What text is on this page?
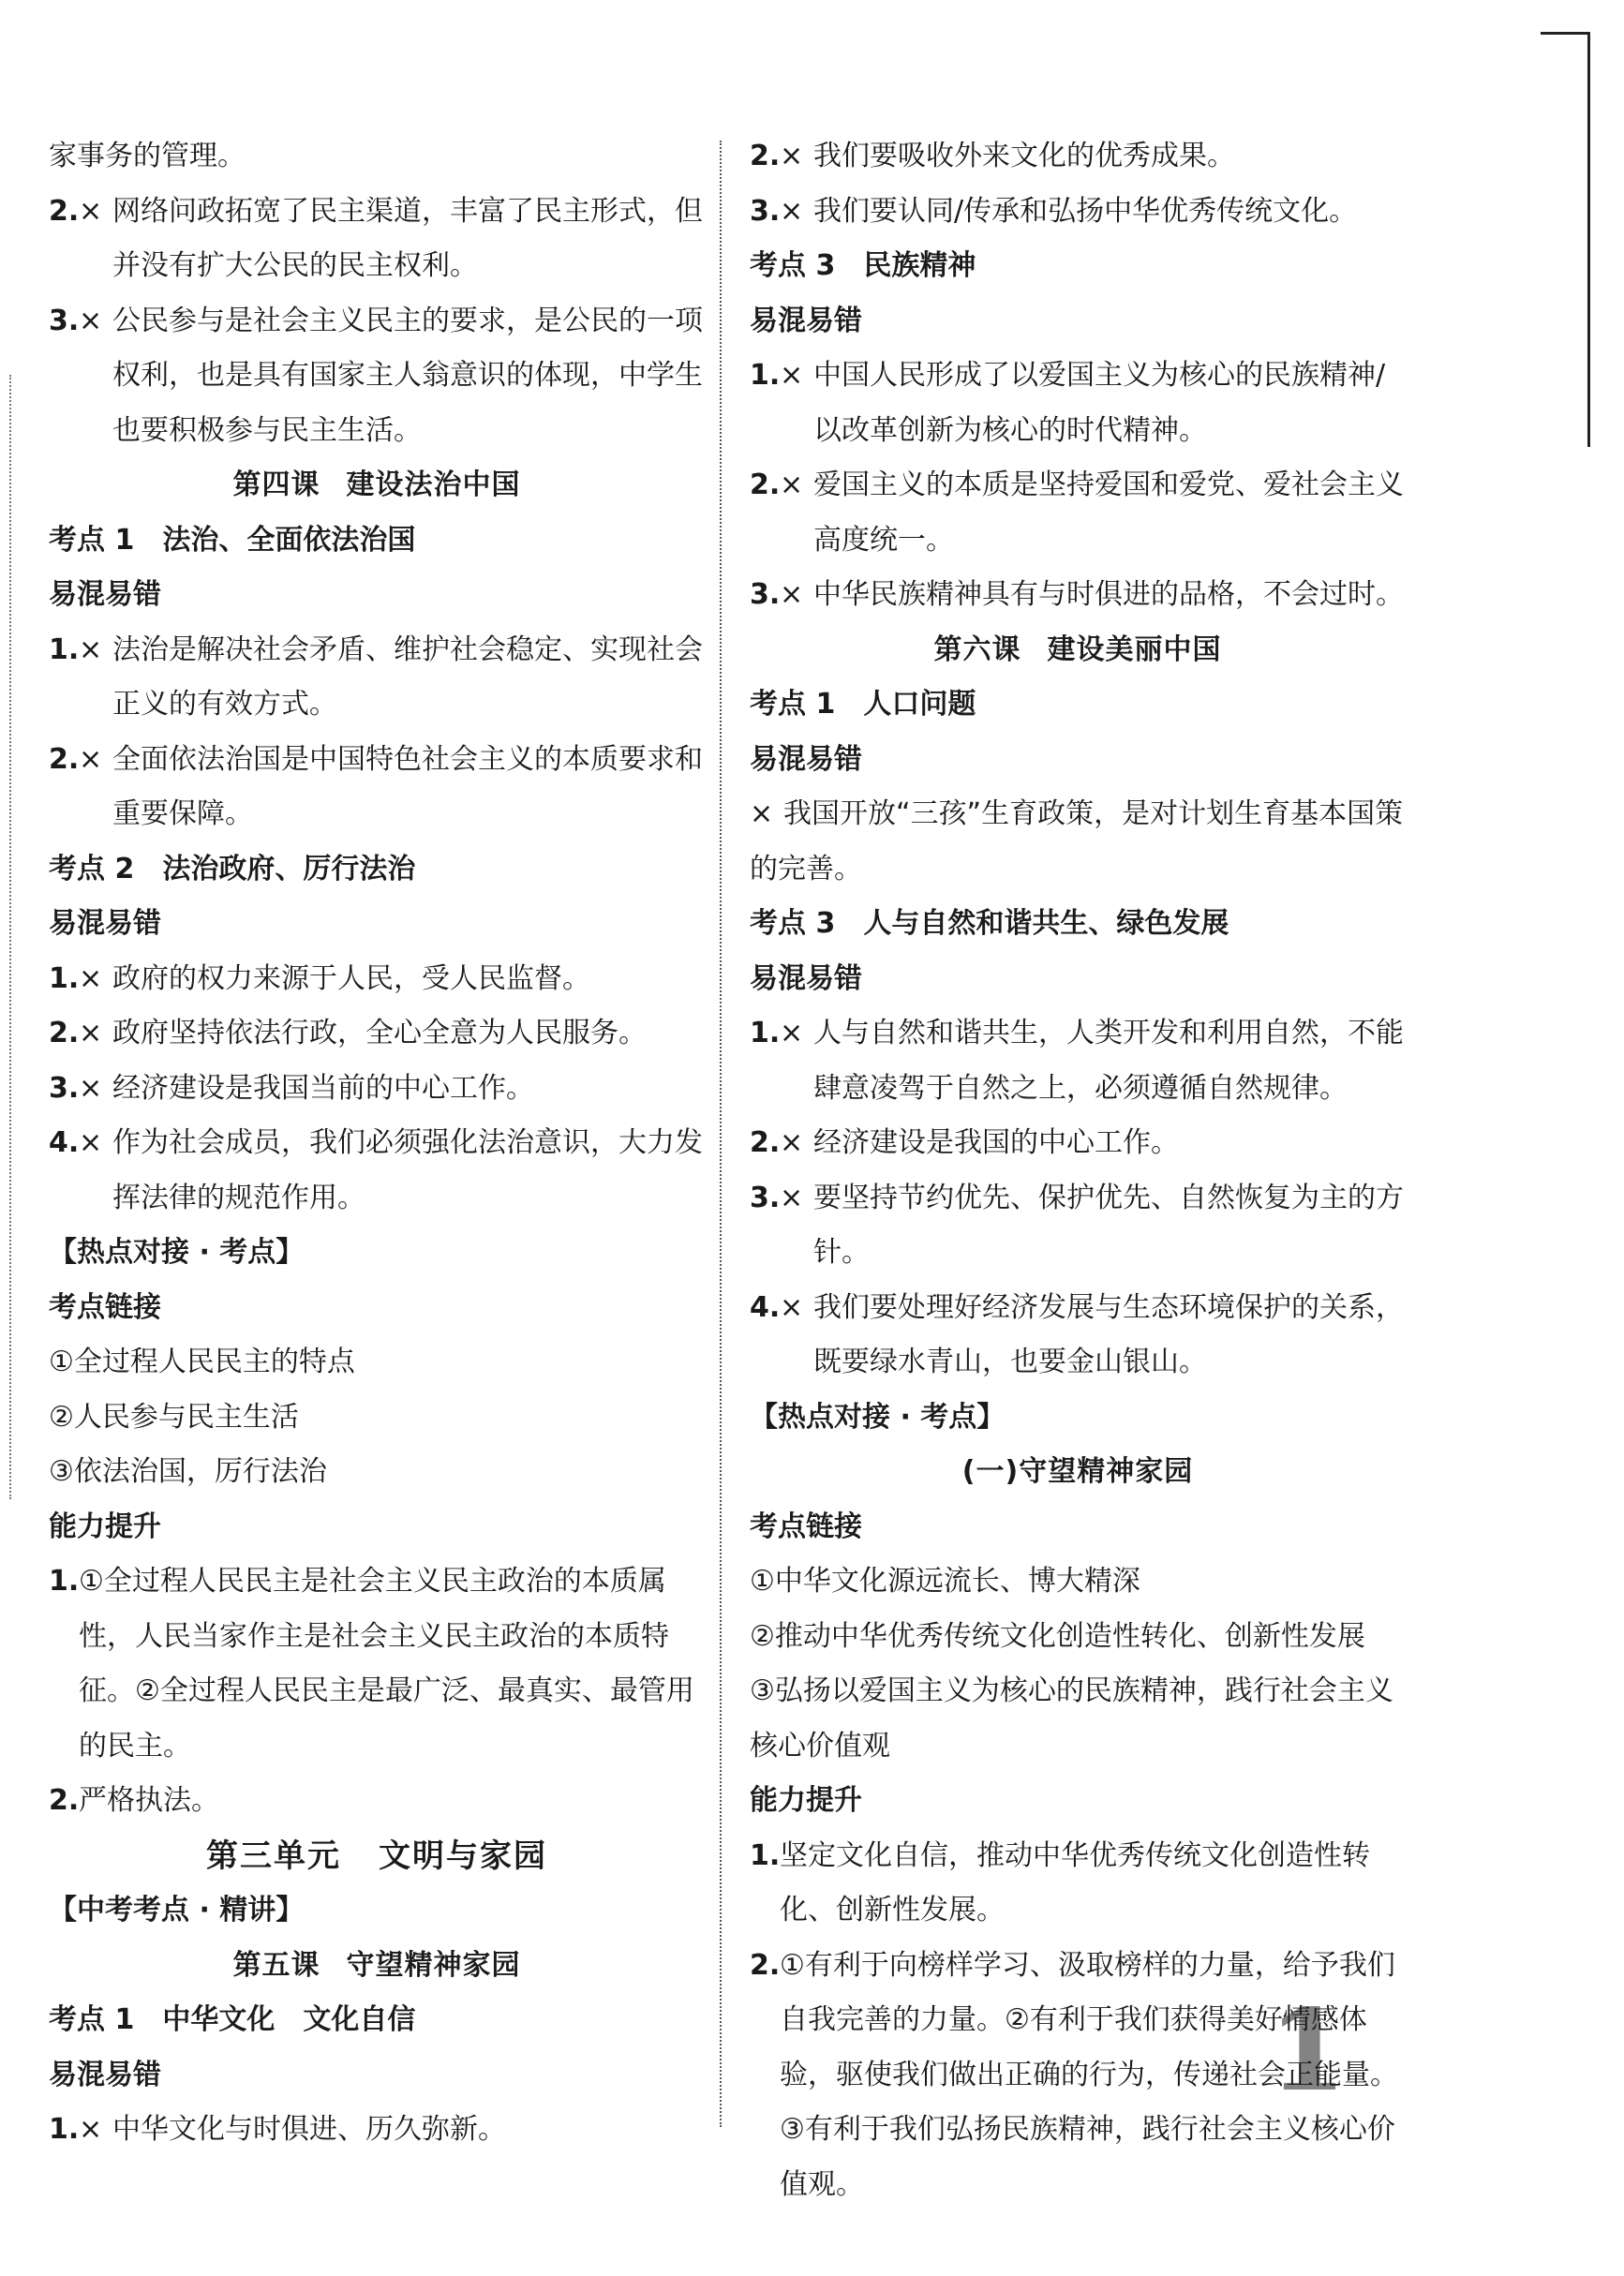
家事务的管理。
2.× 网络问政拓宽了民主渠道，丰富了民主形式，但并没有扩大公民的民主权利。
3.× 公民参与是社会主义民主的要求，是公民的一项权利，也是具有国家主人翁意识的体现，中学生也要积极参与民主生活。
第四课 建设法治中国
考点 1 法治、全面依法治国
易混易错
1.× 法治是解决社会矛盾、维护社会稳定、实现社会正义的有效方式。
2.× 全面依法治国是中国特色社会主义的本质要求和重要保障。
考点 2 法治政府、厉行法治
易混易错
1.× 政府的权力来源于人民，受人民监督。
2.× 政府坚持依法行政，全心全意为人民服务。
3.× 经济建设是我国当前的中心工作。
4.× 作为社会成员，我们必须强化法治意识，大力发挥法律的规范作用。
【热点对接 · 考点】
考点链接
①全过程人民民主的特点
②人民参与民主生活
③依法治国，厉行法治
能力提升
1.①全过程人民民主是社会主义民主政治的本质属性，人民当家作主是社会主义民主政治的本质特征。②全过程人民民主是最广泛、最真实、最管用的民主。
2.严格执法。
第三单元 文明与家园
【中考考点 · 精讲】
第五课 守望精神家园
考点 1 中华文化　文化自信
易混易错
1.× 中华文化与时俱进、历久弥新。
2.× 我们要吸收外来文化的优秀成果。
3.× 我们要认同/传承和弘扬中华优秀传统文化。
考点 3 民族精神
易混易错
1.× 中国人民形成了以爱国主义为核心的民族精神/以改革创新为核心的时代精神。
2.× 爱国主义的本质是坚持爱国和爱党、爱社会主义高度统一。
3.× 中华民族精神具有与时俱进的品格，不会过时。
第六课 建设美丽中国
考点 1 人口问题
易混易错
× 我国开放“三孩”生育政策，是对计划生育基本国策的完善。
考点 3 人与自然和谐共生、绿色发展
易混易错
1.× 人与自然和谐共生，人类开发和利用自然，不能肆意凌驾于自然之上，必须遵循自然规律。
2.× 经济建设是我国的中心工作。
3.× 要坚持节约优先、保护优先、自然恢复为主的方针。
4.× 我们要处理好经济发展与生态环境保护的关系，既要绿水青山，也要金山银山。
【热点对接 · 考点】
(一)守望精神家园
考点链接
①中华文化源远流长、博大精深
②推动中华优秀传统文化创造性转化、创新性发展
③弘扬以爱国主义为核心的民族精神，践行社会主义核心价值观
能力提升
1.坚定文化自信，推动中华优秀传统文化创造性转化、创新性发展。
2.①有利于向榜样学习、汲取榜样的力量，给予我们自我完善的力量。②有利于我们获得美好情感体验，驱使我们做出正确的行为，传递社会正能量。③有利于我们弘扬民族精神，践行社会主义核心价值观。
1
